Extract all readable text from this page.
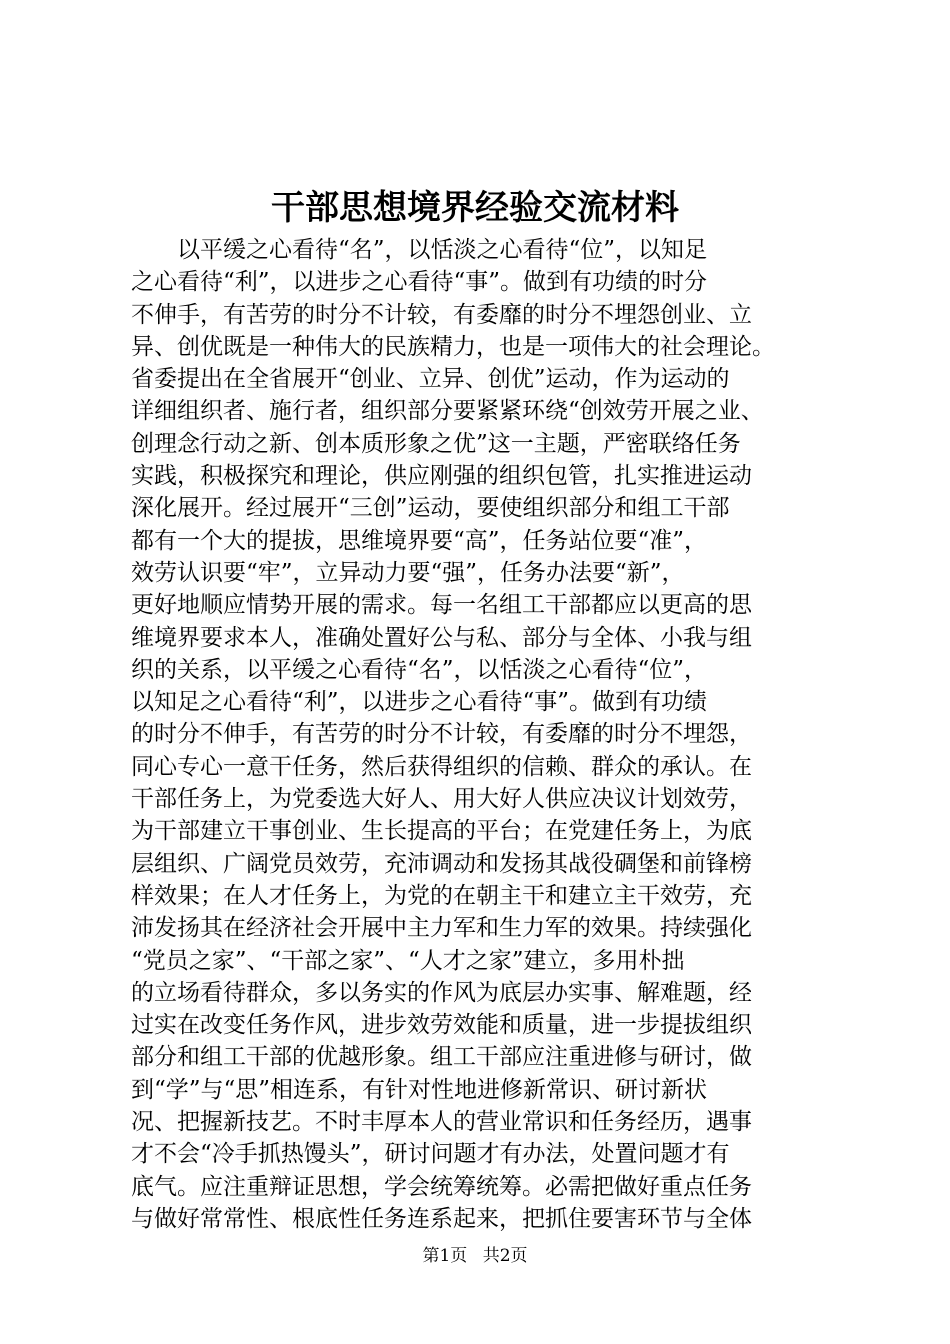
干部思想境界经验交流材料
以平缓之心看待“名”，以恬淡之心看待“位”，以知足
之心看待“利”，以进步之心看待“事”。做到有功绩的时分
不伸手，有苦劳的时分不计较，有委靡的时分不埋怨创业、立
异、创优既是一种伟大的民族精力，也是一项伟大的社会理论。
省委提出在全省展开“创业、立异、创优”运动，作为运动的
详细组织者、施行者，组织部分要紧紧环绕“创效劳开展之业、
创理念行动之新、创本质形象之优”这一主题，严密联络任务
实践，积极探究和理论，供应刚强的组织包管，扎实推进运动
深化展开。经过展开“三创”运动，要使组织部分和组工干部
都有一个大的提拔，思维境界要“高”，任务站位要“准”，
效劳认识要“牢”，立异动力要“强”，任务办法要“新”，
更好地顺应情势开展的需求。每一名组工干部都应以更高的思
维境界要求本人，准确处置好公与私、部分与全体、小我与组
织的关系，以平缓之心看待“名”，以恬淡之心看待“位”，
以知足之心看待“利”，以进步之心看待“事”。做到有功绩
的时分不伸手，有苦劳的时分不计较，有委靡的时分不埋怨，
同心专心一意干任务，然后获得组织的信赖、群众的承认。在
干部任务上，为党委选大好人、用大好人供应决议计划效劳，
为干部建立干事创业、生长提高的平台；在党建任务上，为底
层组织、广阔党员效劳，充沛调动和发扬其战役碉堡和前锋榜
样效果；在人才任务上，为党的在朝主干和建立主干效劳，充
沛发扬其在经济社会开展中主力军和生力军的效果。持续强化
“党员之家”、“干部之家”、“人才之家”建立，多用朴拙
的立场看待群众，多以务实的作风为底层办实事、解难题，经
过实在改变任务作风，进步效劳效能和质量，进一步提拔组织
部分和组工干部的优越形象。组工干部应注重进修与研讨，做
到“学”与“思”相连系，有针对性地进修新常识、研讨新状
况、把握新技艺。不时丰厚本人的营业常识和任务经历，遇事
才不会“冷手抓热馒头”，研讨问题才有办法，处置问题才有
底气。应注重辩证思想，学会统筹统筹。必需把做好重点任务
与做好常常性、根底性任务连系起来，把抓住要害环节与全体
第1页 共2页
